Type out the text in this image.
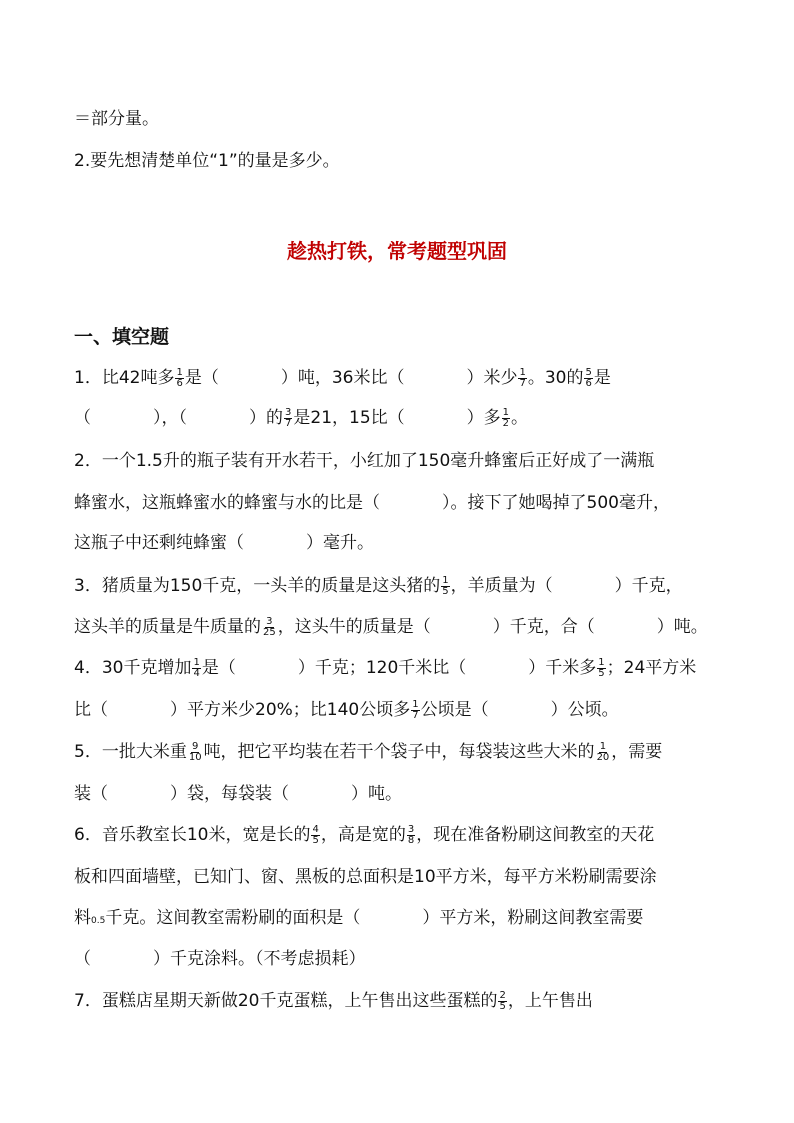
＝部分量。
2.要先想清楚单位“1”的量是多少。
趁热打铁，常考题型巩固
一、填空题
1．比42吨多 $\frac{1}{6}$ 是（	）吨，36米比（	）米少 $\frac{1}{7}$ 。30的 $\frac{5}{6}$ 是
（	），（	）的 $\frac{3}{7}$ 是21，15比（	）多 $\frac{1}{2}$ 。
2．一个1.5升的瓶子装有开水若干，小红加了150毫升蜂蜜后正好成了一满瓶
蜂蜜水，这瓶蜂蜜水的蜂蜜与水的比是（	）。接下了她喝掉了500毫升，
这瓶子中还剩纯蜂蜜（	）毫升。
3．猪质量为150千克，一头羊的质量是这头猪的 $\frac{1}{5}$ ，羊质量为（	）千克，
这头羊的质量是牛质量的 $\frac{3}{25}$ ，这头牛的质量是（	）千克，合（	）吨。
4．30千克增加 $\frac{1}{4}$ 是（	）千克；120千米比（	）千米多 $\frac{1}{5}$ ；24平方米
比（	）平方米少20%；比140公顷多 $\frac{1}{7}$ 公顷是（	）公顷。
5．一批大米重 $\frac{9}{10}$ 吨，把它平均装在若干个袋子中，每袋装这些大米的 $\frac{1}{20}$ ，需要
装（	）袋，每袋装（	）吨。
6．音乐教室长10米，宽是长的 $\frac{4}{5}$ ，高是宽的 $\frac{3}{8}$ ，现在准备粉刷这间教室的天花
板和四面墙壁，已知门、窗、黑板的总面积是10平方米，每平方米粉刷需要涂
料0.5千克。这间教室需粉刷的面积是（	）平方米，粉刷这间教室需要
（	）千克涂料。（不考虑损耗）
7．蛋糕店星期天新做20千克蛋糕，上午售出这些蛋糕的 $\frac{2}{5}$ ，上午售出
